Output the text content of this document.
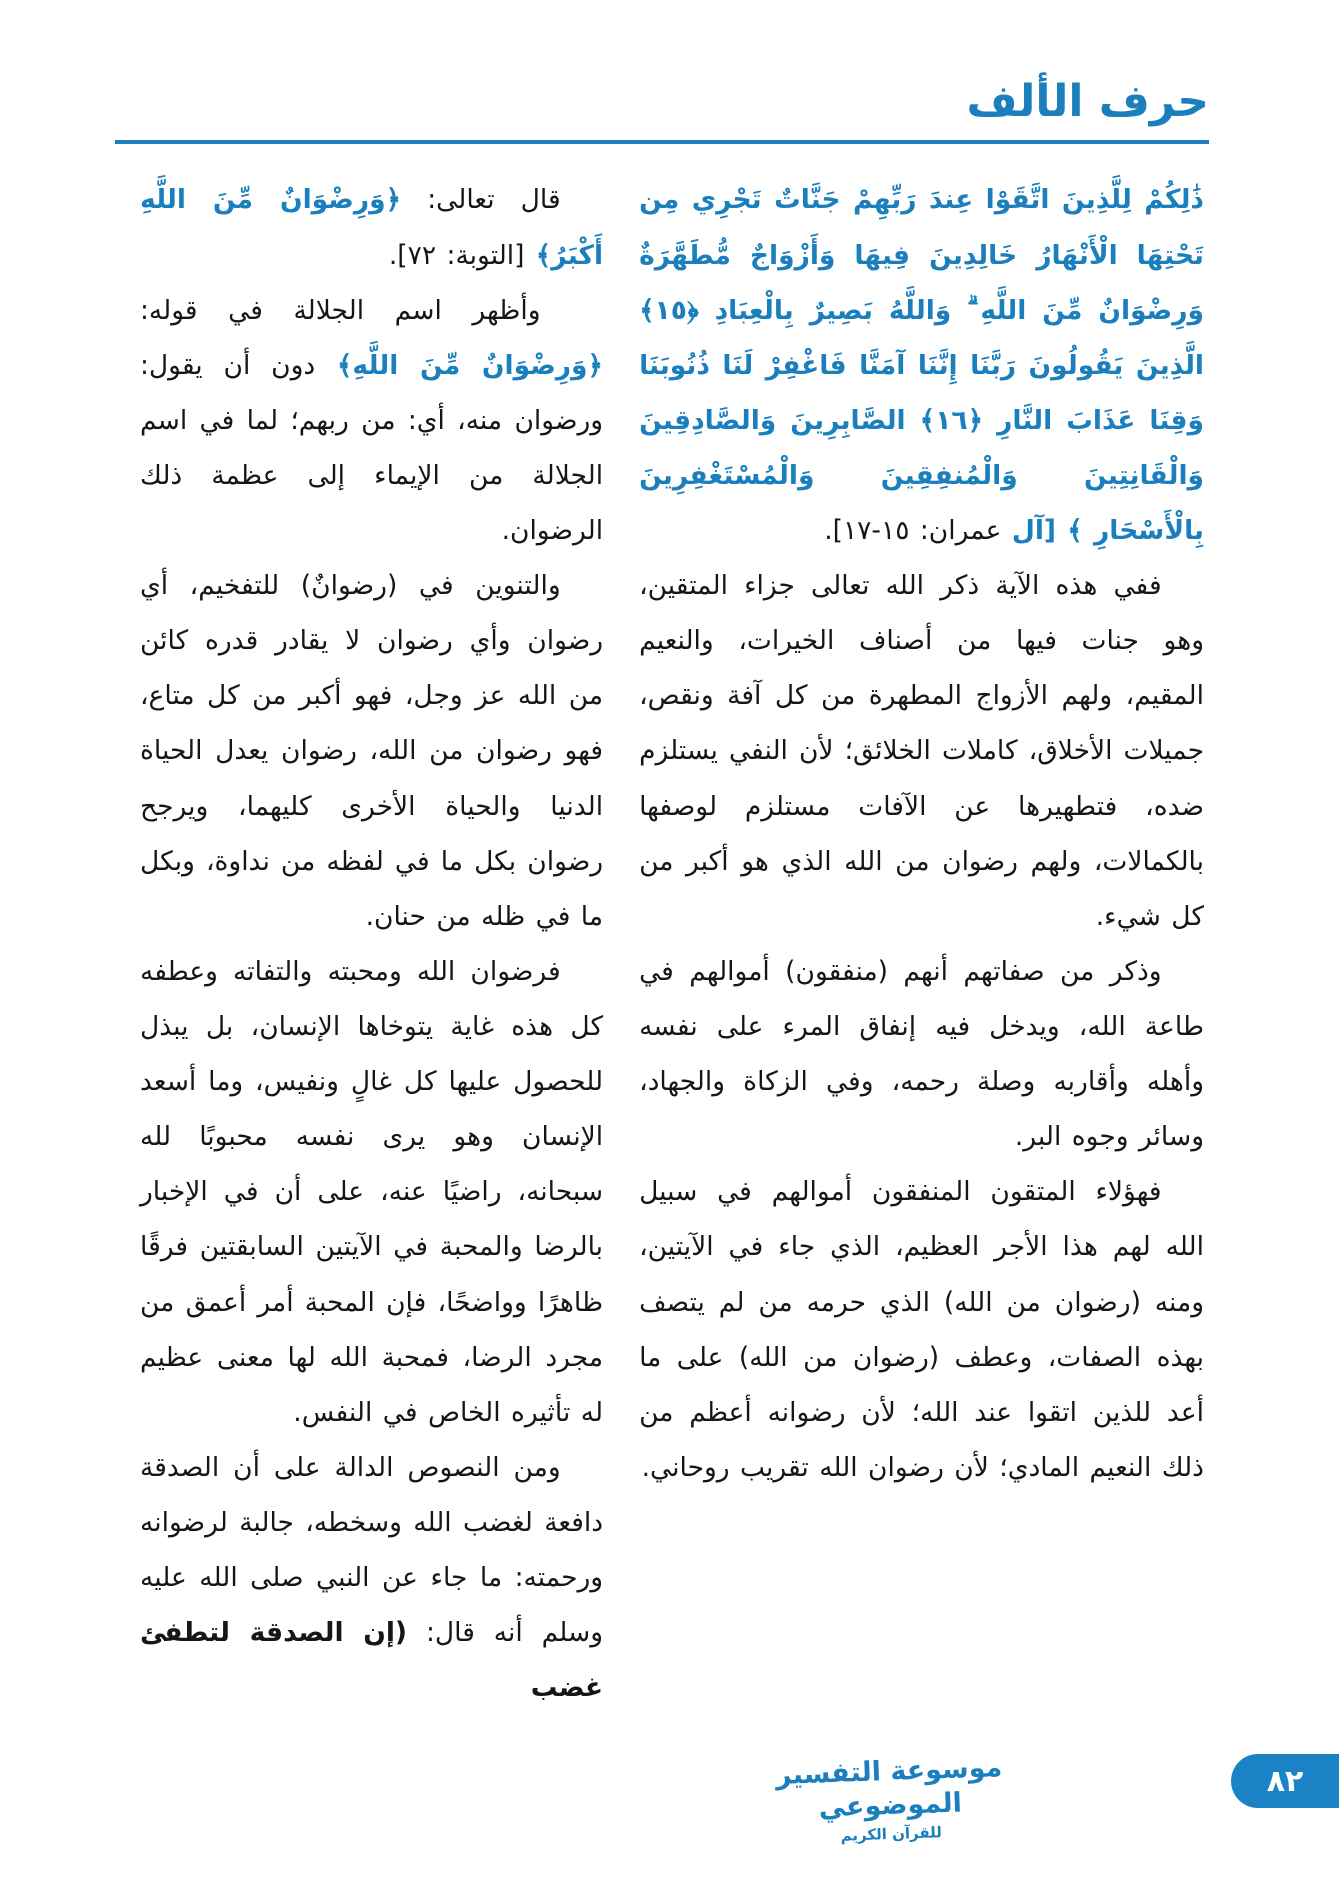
حرف الألف

ذَٰلِكُمْ لِلَّذِينَ اتَّقَوْا عِندَ رَبِّهِمْ جَنَّاتٌ تَجْرِي مِن تَحْتِهَا الْأَنْهَارُ خَالِدِينَ فِيهَا وَأَزْوَاجٌ مُّطَهَّرَةٌ وَرِضْوَانٌ مِّنَ اللَّهِ ۗ وَاللَّهُ بَصِيرٌ بِالْعِبَادِ ﴿١٥﴾ الَّذِينَ يَقُولُونَ رَبَّنَا إِنَّنَا آمَنَّا فَاغْفِرْ لَنَا ذُنُوبَنَا وَقِنَا عَذَابَ النَّارِ ﴿١٦﴾ الصَّابِرِينَ وَالصَّادِقِينَ وَالْقَانِتِينَ وَالْمُنفِقِينَ وَالْمُسْتَغْفِرِينَ بِالْأَسْحَارِ ﴾ [آل عمران: ١٥-١٧].

ففي هذه الآية ذكر الله تعالى جزاء المتقين، وهو جنات فيها من أصناف الخيرات، والنعيم المقيم، ولهم الأزواج المطهرة من كل آفة ونقص، جميلات الأخلاق، كاملات الخلائق؛ لأن النفي يستلزم ضده، فتطهيرها عن الآفات مستلزم لوصفها بالكمالات، ولهم رضوان من الله الذي هو أكبر من كل شيء.

وذكر من صفاتهم أنهم (منفقون) أموالهم في طاعة الله، ويدخل فيه إنفاق المرء على نفسه وأهله وأقاربه وصلة رحمه، وفي الزكاة والجهاد، وسائر وجوه البر.

فهؤلاء المتقون المنفقون أموالهم في سبيل الله لهم هذا الأجر العظيم، الذي جاء في الآيتين، ومنه (رضوان من الله) الذي حرمه من لم يتصف بهذه الصفات، وعطف (رضوان من الله) على ما أعد للذين اتقوا عند الله؛ لأن رضوانه أعظم من ذلك النعيم المادي؛ لأن رضوان الله تقريب روحاني.

قال تعالى: ﴿وَرِضْوَانٌ مِّنَ اللَّهِ أَكْبَرُ﴾ [التوبة: ٧٢].

وأظهر اسم الجلالة في قوله: ﴿وَرِضْوَانٌ مِّنَ اللَّهِ﴾ دون أن يقول: ورضوان منه، أي: من ربهم؛ لما في اسم الجلالة من الإيماء إلى عظمة ذلك الرضوان.

والتنوين في (رضوانٌ) للتفخيم، أي رضوان وأي رضوان لا يقادر قدره كائن من الله عز وجل، فهو أكبر من كل متاع، فهو رضوان من الله، رضوان يعدل الحياة الدنيا والحياة الأخرى كليهما، ويرجح رضوان بكل ما في لفظه من نداوة، وبكل ما في ظله من حنان.

فرضوان الله ومحبته والتفاته وعطفه كل هذه غاية يتوخاها الإنسان، بل يبذل للحصول عليها كل غالٍ ونفيس، وما أسعد الإنسان وهو يرى نفسه محبوبًا لله سبحانه، راضيًا عنه، على أن في الإخبار بالرضا والمحبة في الآيتين السابقتين فرقًا ظاهرًا وواضحًا، فإن المحبة أمر أعمق من مجرد الرضا، فمحبة الله لها معنى عظيم له تأثيره الخاص في النفس.

ومن النصوص الدالة على أن الصدقة دافعة لغضب الله وسخطه، جالبة لرضوانه ورحمته: ما جاء عن النبي صلى الله عليه وسلم أنه قال: (إن الصدقة لتطفئ غضب

موسوعة التفسير الموضوعي
للقرآن الكريم
٨٢
